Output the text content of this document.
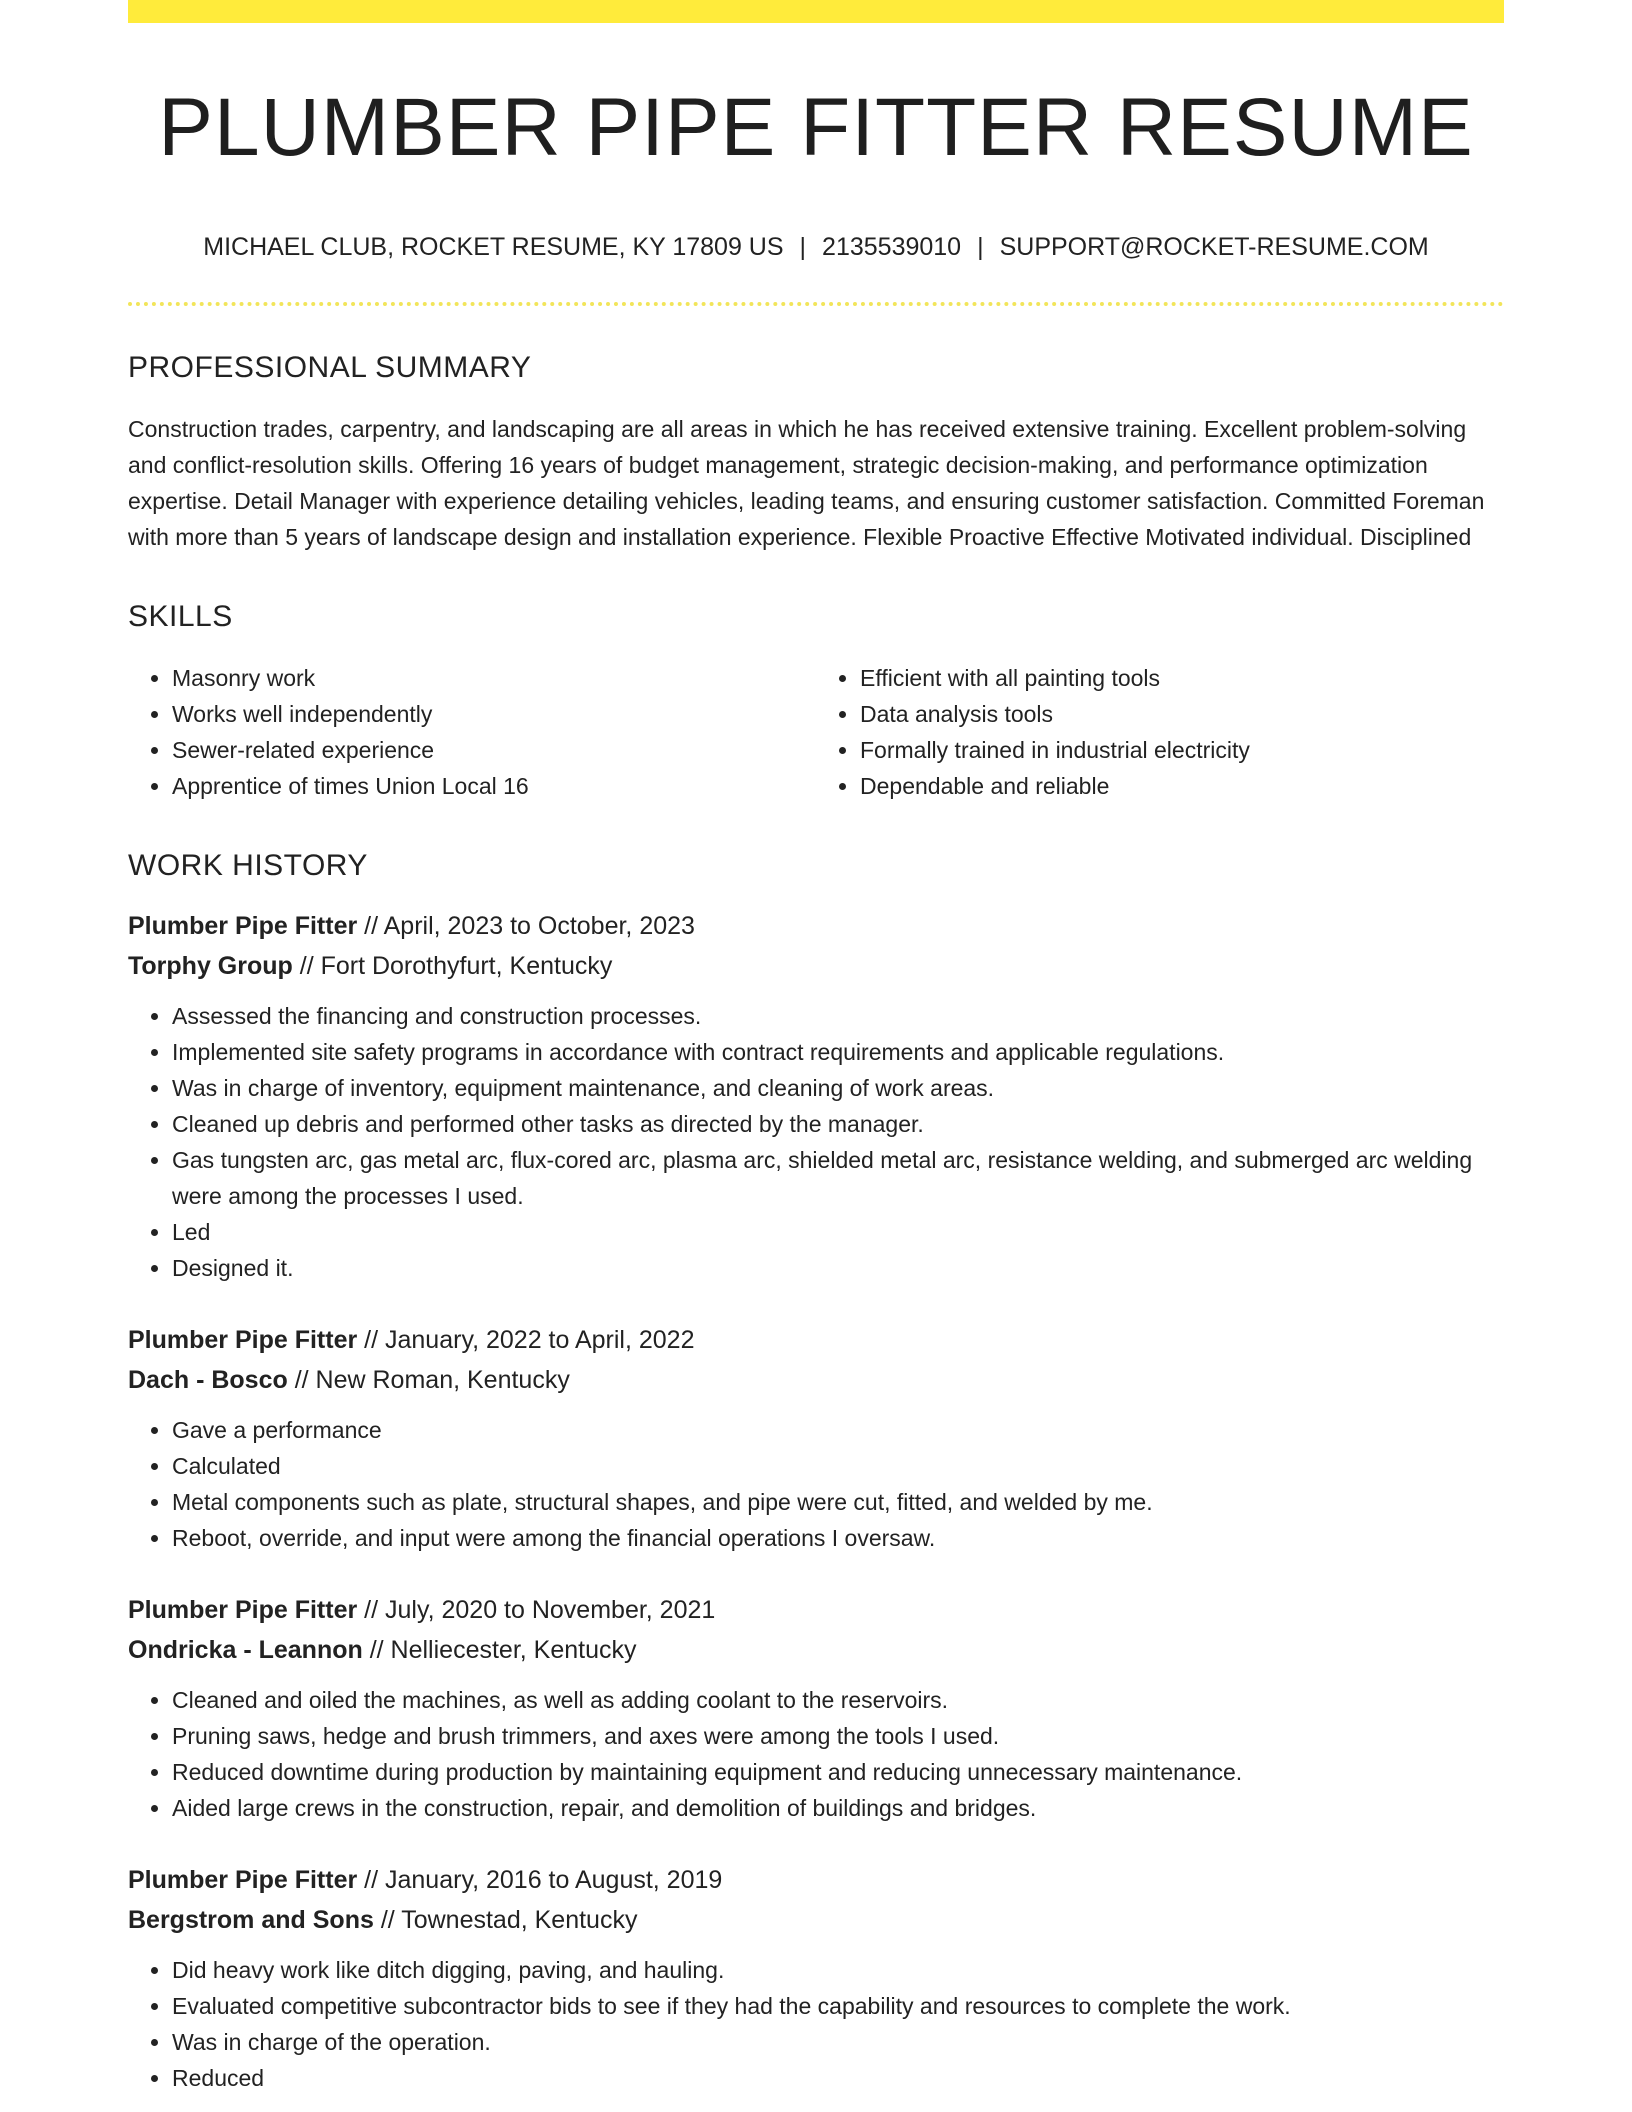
PLUMBER PIPE FITTER RESUME
MICHAEL CLUB, ROCKET RESUME, KY 17809 US | 2135539010 | SUPPORT@ROCKET-RESUME.COM
PROFESSIONAL SUMMARY
Construction trades, carpentry, and landscaping are all areas in which he has received extensive training. Excellent problem-solving and conflict-resolution skills. Offering 16 years of budget management, strategic decision-making, and performance optimization expertise. Detail Manager with experience detailing vehicles, leading teams, and ensuring customer satisfaction. Committed Foreman with more than 5 years of landscape design and installation experience. Flexible Proactive Effective Motivated individual. Disciplined
SKILLS
• Masonry work
• Works well independently
• Sewer-related experience
• Apprentice of times Union Local 16
• Efficient with all painting tools
• Data analysis tools
• Formally trained in industrial electricity
• Dependable and reliable
WORK HISTORY
Plumber Pipe Fitter // April, 2023 to October, 2023
Torphy Group // Fort Dorothyfurt, Kentucky
• Assessed the financing and construction processes.
• Implemented site safety programs in accordance with contract requirements and applicable regulations.
• Was in charge of inventory, equipment maintenance, and cleaning of work areas.
• Cleaned up debris and performed other tasks as directed by the manager.
• Gas tungsten arc, gas metal arc, flux-cored arc, plasma arc, shielded metal arc, resistance welding, and submerged arc welding were among the processes I used.
• Led
• Designed it.
Plumber Pipe Fitter // January, 2022 to April, 2022
Dach - Bosco // New Roman, Kentucky
• Gave a performance
• Calculated
• Metal components such as plate, structural shapes, and pipe were cut, fitted, and welded by me.
• Reboot, override, and input were among the financial operations I oversaw.
Plumber Pipe Fitter // July, 2020 to November, 2021
Ondricka - Leannon // Nelliecester, Kentucky
• Cleaned and oiled the machines, as well as adding coolant to the reservoirs.
• Pruning saws, hedge and brush trimmers, and axes were among the tools I used.
• Reduced downtime during production by maintaining equipment and reducing unnecessary maintenance.
• Aided large crews in the construction, repair, and demolition of buildings and bridges.
Plumber Pipe Fitter // January, 2016 to August, 2019
Bergstrom and Sons // Townestad, Kentucky
• Did heavy work like ditch digging, paving, and hauling.
• Evaluated competitive subcontractor bids to see if they had the capability and resources to complete the work.
• Was in charge of the operation.
• Reduced
